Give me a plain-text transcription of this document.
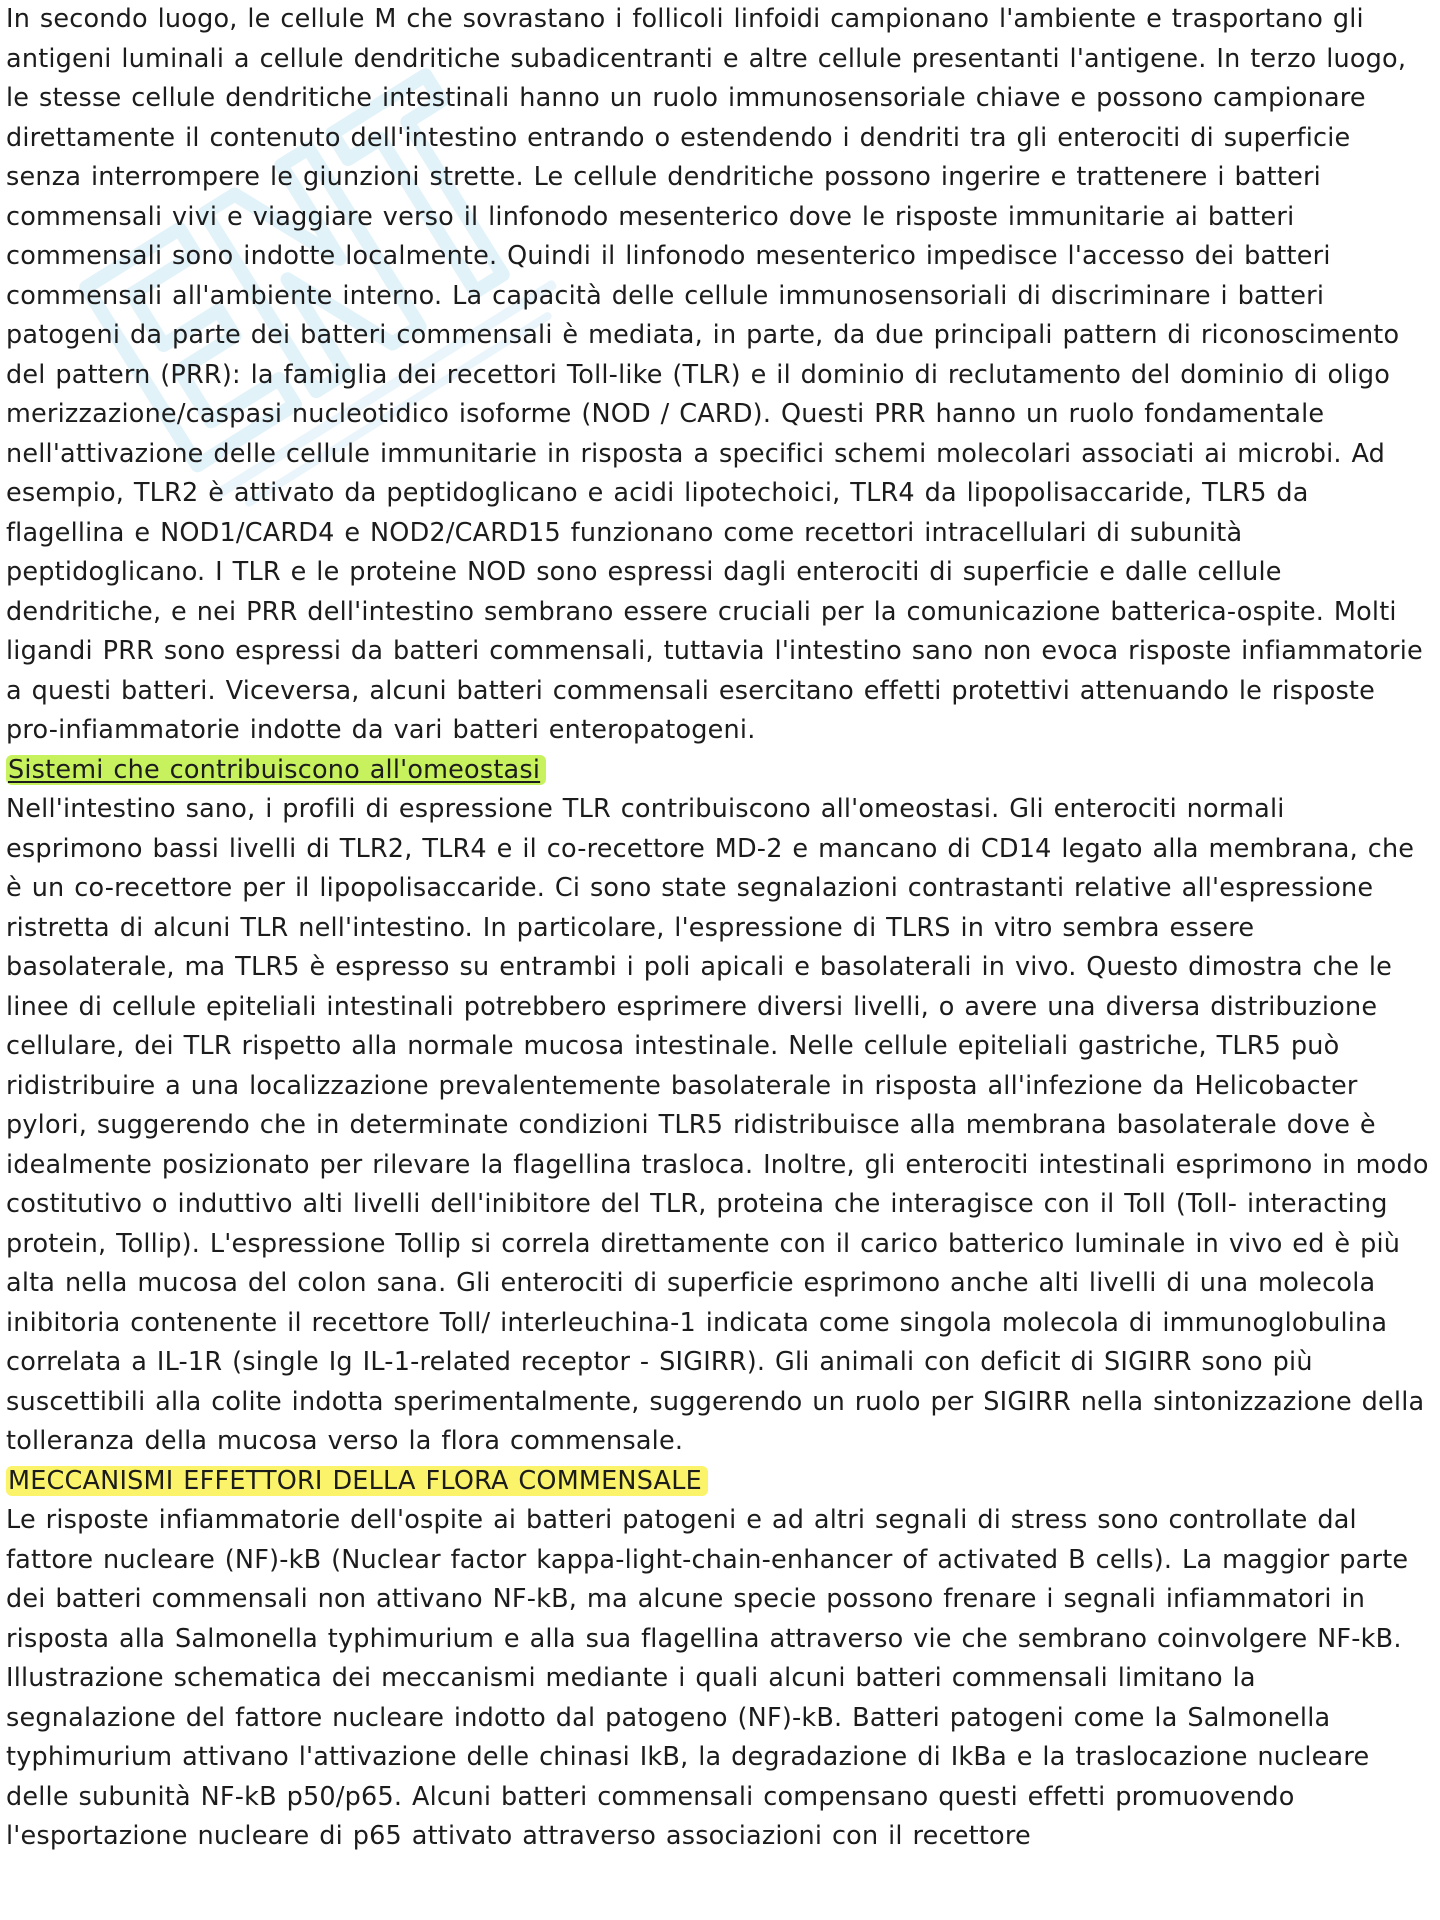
In secondo luogo, le cellule M che sovrastano i follicoli linfoidi campionano l'ambiente e trasportano gli antigeni luminali a cellule dendritiche subadicentranti e altre cellule presentanti l'antigene. In terzo luogo, le stesse cellule dendritiche intestinali hanno un ruolo immunosensoriale chiave e possono campionare direttamente il contenuto dell'intestino entrando o estendendo i dendriti tra gli enterociti di superficie senza interrompere le giunzioni strette. Le cellule dendritiche possono ingerire e trattenere i batteri commensali vivi e viaggiare verso il linfonodo mesenterico dove le risposte immunitarie ai batteri commensali sono indotte localmente. Quindi il linfonodo mesenterico impedisce l'accesso dei batteri commensali all'ambiente interno. La capacità delle cellule immunosensoriali di discriminare i batteri patogeni da parte dei batteri commensali è mediata, in parte, da due principali pattern di riconoscimento del pattern (PRR): la famiglia dei recettori Toll-like (TLR) e il dominio di reclutamento del dominio di oligo merizzazione/caspasi nucleotidico isoforme (NOD / CARD). Questi PRR hanno un ruolo fondamentale nell'attivazione delle cellule immunitarie in risposta a specifici schemi molecolari associati ai microbi. Ad esempio, TLR2 è attivato da peptidoglicano e acidi lipotechoici, TLR4 da lipopolisaccaride, TLR5 da flagellina e NOD1/CARD4 e NOD2/CARD15 funzionano come recettori intracellulari di subunità peptidoglicano. I TLR e le proteine NOD sono espressi dagli enterociti di superficie e dalle cellule dendritiche, e nei PRR dell'intestino sembrano essere cruciali per la comunicazione batterica-ospite. Molti ligandi PRR sono espressi da batteri commensali, tuttavia l'intestino sano non evoca risposte infiammatorie a questi batteri. Viceversa, alcuni batteri commensali esercitano effetti protettivi attenuando le risposte pro-infiammatorie indotte da vari batteri enteropatogeni.

Sistemi che contribuiscono all'omeostasi

Nell'intestino sano, i profili di espressione TLR contribuiscono all'omeostasi. Gli enterociti normali esprimono bassi livelli di TLR2, TLR4 e il co-recettore MD-2 e mancano di CD14 legato alla membrana, che è un co-recettore per il lipopolisaccaride. Ci sono state segnalazioni contrastanti relative all'espressione ristretta di alcuni TLR nell'intestino. In particolare, l'espressione di TLRS in vitro sembra essere basolaterale, ma TLR5 è espresso su entrambi i poli apicali e basolaterali in vivo. Questo dimostra che le linee di cellule epiteliali intestinali potrebbero esprimere diversi livelli, o avere una diversa distribuzione cellulare, dei TLR rispetto alla normale mucosa intestinale. Nelle cellule epiteliali gastriche, TLR5 può ridistribuire a una localizzazione prevalentemente basolaterale in risposta all'infezione da Helicobacter pylori, suggerendo che in determinate condizioni TLR5 ridistribuisce alla membrana basolaterale dove è idealmente posizionato per rilevare la flagellina trasloca. Inoltre, gli enterociti intestinali esprimono in modo costitutivo o induttivo alti livelli dell'inibitore del TLR, proteina che interagisce con il Toll (Toll- interacting protein, Tollip). L'espressione Tollip si correla direttamente con il carico batterico luminale in vivo ed è più alta nella mucosa del colon sana. Gli enterociti di superficie esprimono anche alti livelli di una molecola inibitoria contenente il recettore Toll/ interleuchina-1 indicata come singola molecola di immunoglobulina correlata a IL-1R (single Ig IL-1-related receptor - SIGIRR). Gli animali con deficit di SIGIRR sono più suscettibili alla colite indotta sperimentalmente, suggerendo un ruolo per SIGIRR nella sintonizzazione della tolleranza della mucosa verso la flora commensale.

MECCANISMI EFFETTORI DELLA FLORA COMMENSALE

Le risposte infiammatorie dell'ospite ai batteri patogeni e ad altri segnali di stress sono controllate dal fattore nucleare (NF)-kB (Nuclear factor kappa-light-chain-enhancer of activated B cells). La maggior parte dei batteri commensali non attivano NF-kB, ma alcune specie possono frenare i segnali infiammatori in risposta alla Salmonella typhimurium e alla sua flagellina attraverso vie che sembrano coinvolgere NF-kB. Illustrazione schematica dei meccanismi mediante i quali alcuni batteri commensali limitano la segnalazione del fattore nucleare indotto dal patogeno (NF)-kB. Batteri patogeni come la Salmonella typhimurium attivano l'attivazione delle chinasi IkB, la degradazione di IkBa e la traslocazione nucleare delle subunità NF-kB p50/p65. Alcuni batteri commensali compensano questi effetti promuovendo l'esportazione nucleare di p65 attivato attraverso associazioni con il recettore
